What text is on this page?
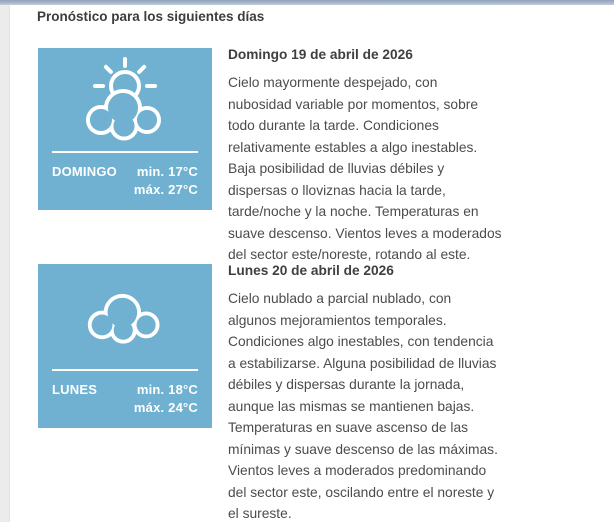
Pronóstico para los siguientes días
DOMINGO	min. 17°C
máx. 27°C
Domingo 19 de abril de 2026

Cielo mayormente despejado, con
nubosidad variable por momentos, sobre
todo durante la tarde. Condiciones
relativamente estables a algo inestables.
Baja posibilidad de lluvias débiles y
dispersas o lloviznas hacia la tarde,
tarde/noche y la noche. Temperaturas en
suave descenso. Vientos leves a moderados
del sector este/noreste, rotando al este.

LUNES	min. 18°C
máx. 24°C
Lunes 20 de abril de 2026

Cielo nublado a parcial nublado, con
algunos mejoramientos temporales.
Condiciones algo inestables, con tendencia
a estabilizarse. Alguna posibilidad de lluvias
débiles y dispersas durante la jornada,
aunque las mismas se mantienen bajas.
Temperaturas en suave ascenso de las
mínimas y suave descenso de las máximas.
Vientos leves a moderados predominando
del sector este, oscilando entre el noreste y
el sureste.
